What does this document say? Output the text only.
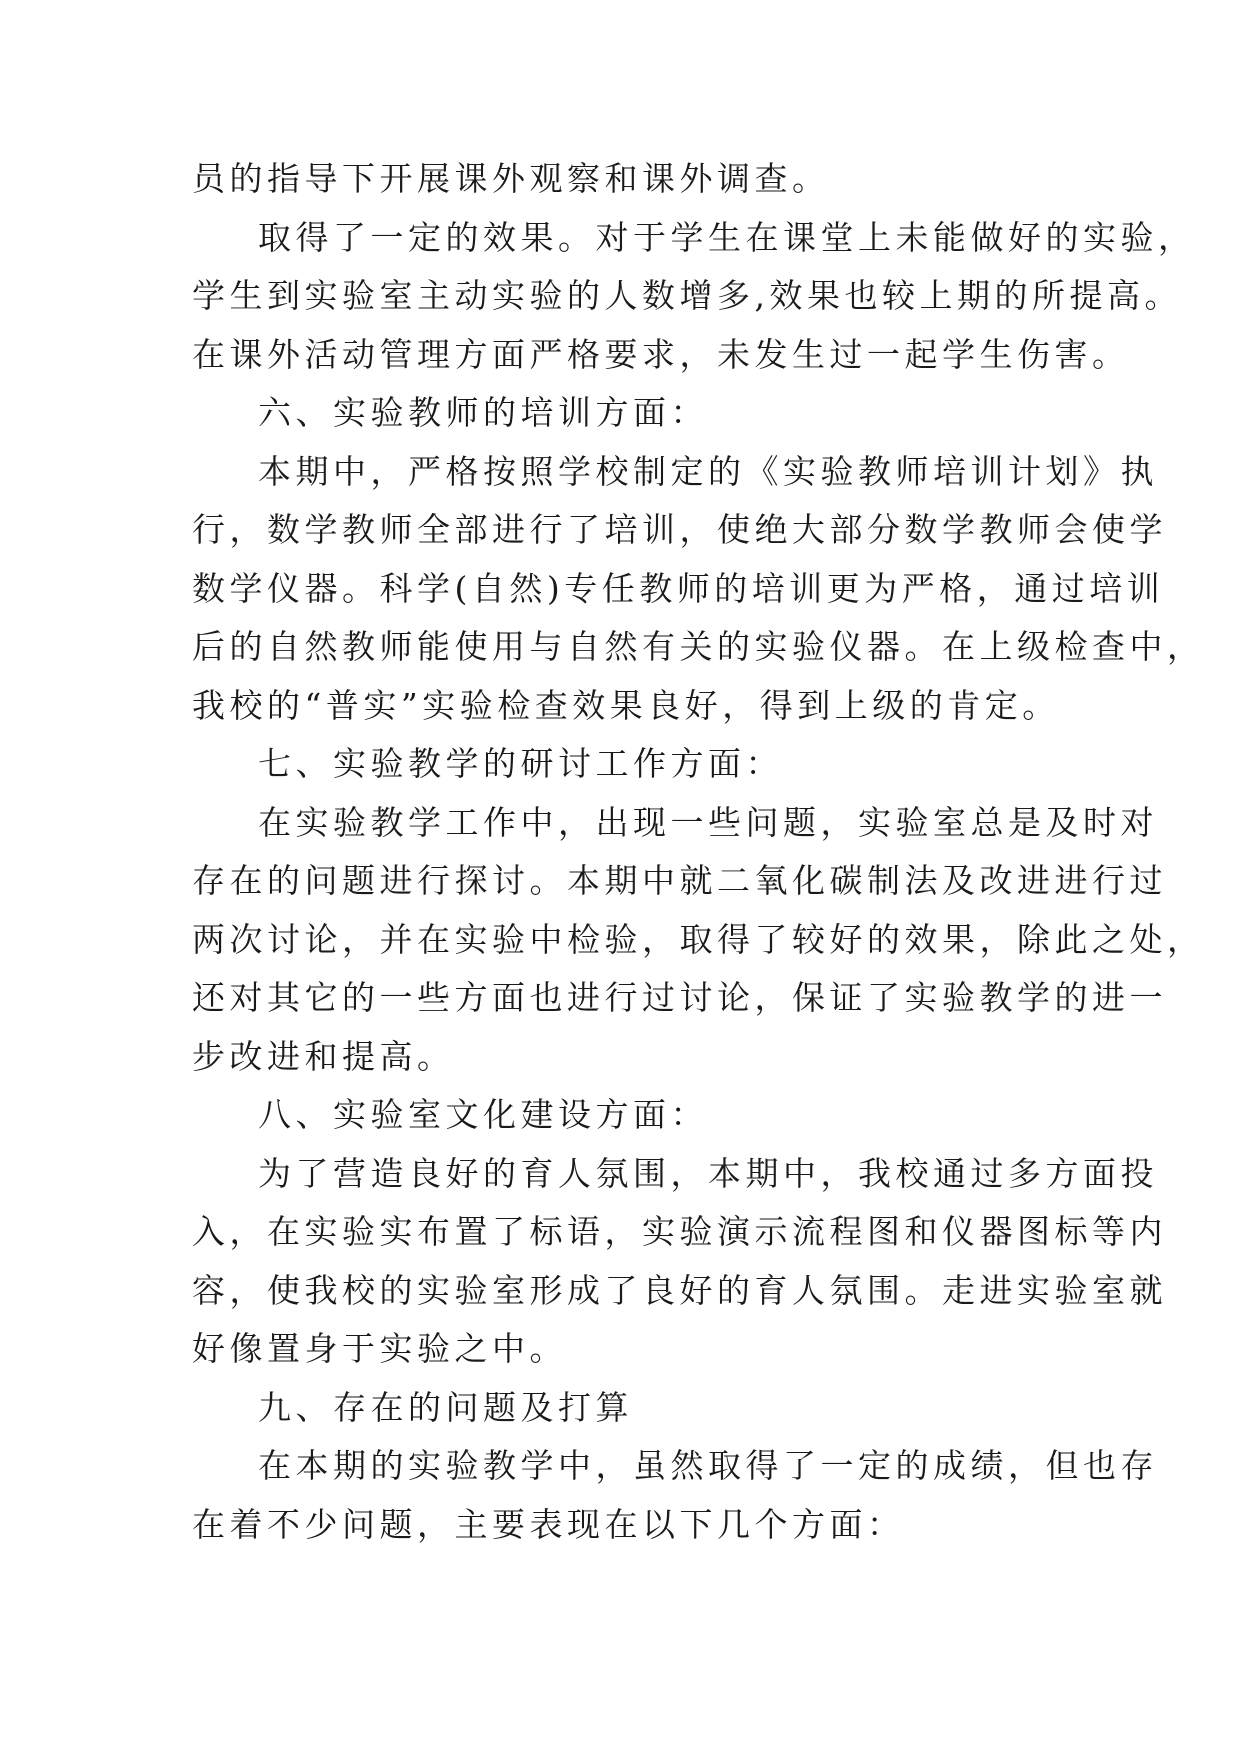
员的指导下开展课外观察和课外调查。
取得了一定的效果。对于学生在课堂上未能做好的实验，
学生到实验室主动实验的人数增多,效果也较上期的所提高。
在课外活动管理方面严格要求，未发生过一起学生伤害。
六、实验教师的培训方面：
本期中，严格按照学校制定的《实验教师培训计划》执
行，数学教师全部进行了培训，使绝大部分数学教师会使学
数学仪器。科学(自然)专任教师的培训更为严格，通过培训
后的自然教师能使用与自然有关的实验仪器。在上级检查中，
我校的“普实”实验检查效果良好，得到上级的肯定。
七、实验教学的研讨工作方面：
在实验教学工作中，出现一些问题，实验室总是及时对
存在的问题进行探讨。本期中就二氧化碳制法及改进进行过
两次讨论，并在实验中检验，取得了较好的效果，除此之处，
还对其它的一些方面也进行过讨论，保证了实验教学的进一
步改进和提高。
八、实验室文化建设方面：
为了营造良好的育人氛围，本期中，我校通过多方面投
入，在实验实布置了标语，实验演示流程图和仪器图标等内
容，使我校的实验室形成了良好的育人氛围。走进实验室就
好像置身于实验之中。
九、存在的问题及打算
在本期的实验教学中，虽然取得了一定的成绩，但也存
在着不少问题，主要表现在以下几个方面：
